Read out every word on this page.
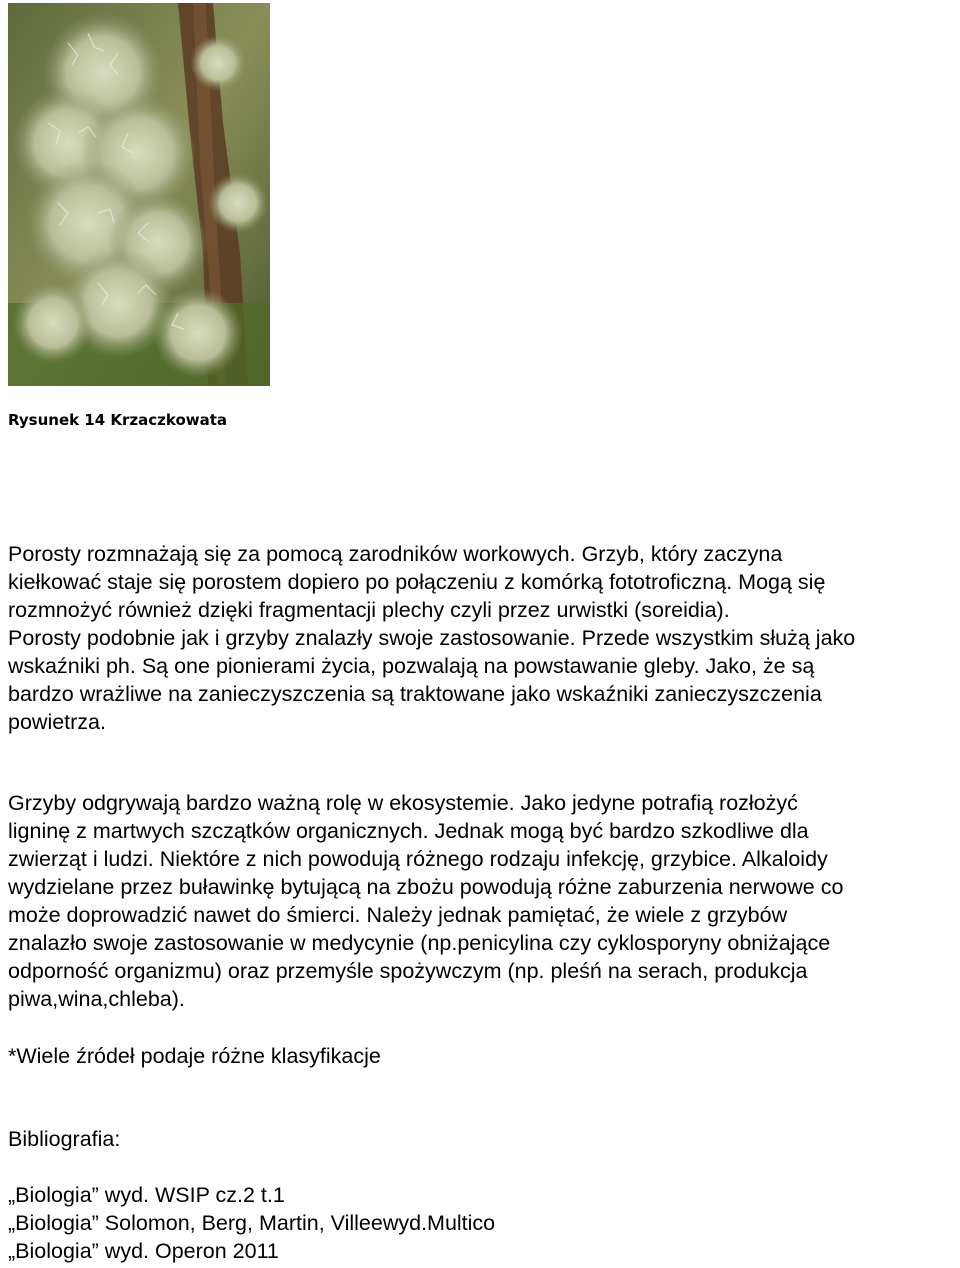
Rysunek 14 Krzaczkowata
Porosty rozmnażają się za pomocą zarodników workowych. Grzyb, który zaczyna
kiełkować staje się porostem dopiero po połączeniu z komórką fototroficzną. Mogą się
rozmnożyć również dzięki fragmentacji plechy czyli przez urwistki (soreidia).
Porosty podobnie jak i grzyby znalazły swoje zastosowanie. Przede wszystkim służą jako
wskaźniki ph. Są one pionierami życia, pozwalają na powstawanie gleby. Jako, że są
bardzo wrażliwe na zanieczyszczenia są traktowane jako wskaźniki zanieczyszczenia
powietrza.
Grzyby odgrywają bardzo ważną rolę w ekosystemie. Jako jedyne potrafią rozłożyć
ligninę z martwych szczątków organicznych. Jednak mogą być bardzo szkodliwe dla
zwierząt i ludzi. Niektóre z nich powodują różnego rodzaju infekcję, grzybice. Alkaloidy
wydzielane przez buławinkę bytującą na zbożu powodują różne zaburzenia nerwowe co
może doprowadzić nawet do śmierci. Należy jednak pamiętać, że wiele z grzybów
znalazło swoje zastosowanie w medycynie (np.penicylina czy cyklosporyny obniżające
odporność organizmu) oraz przemyśle spożywczym (np. pleśń na serach, produkcja
piwa,wina,chleba).
*Wiele źródeł podaje różne klasyfikacje
Bibliografia:
„Biologia” wyd. WSIP cz.2 t.1
„Biologia” Solomon, Berg, Martin, Villeewyd.Multico
„Biologia” wyd. Operon 2011
